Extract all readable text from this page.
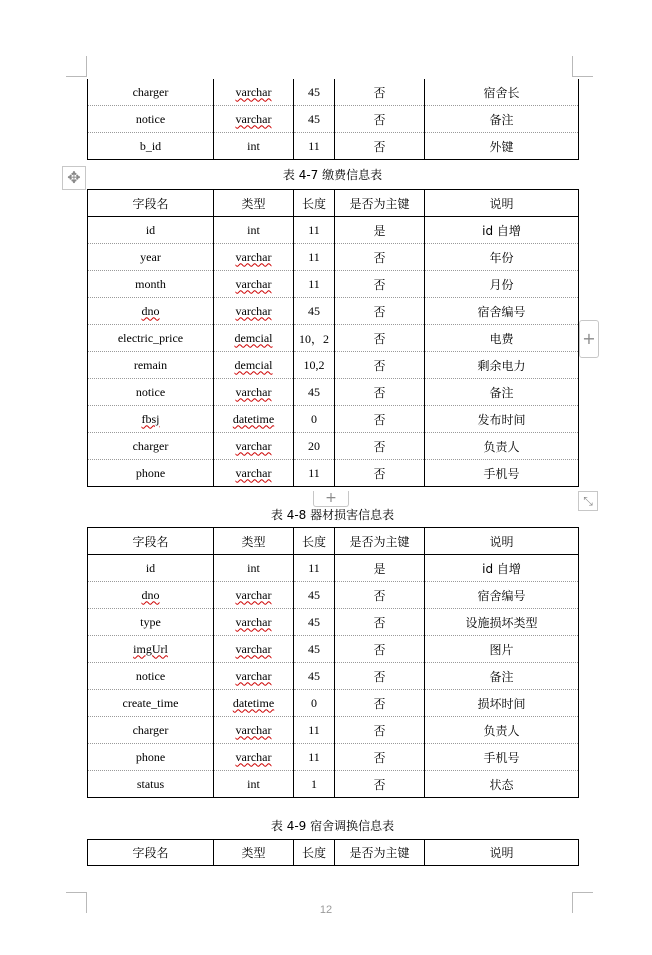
charger	varchar	45	否	宿舍长
notice	varchar	45	否	备注
b_id	int	11	否	外键
✥	表 4-7 缴费信息表
字段名	类型	长度	是否为主键	说明
id	int	11	是	id 自增
year	varchar	11	否	年份
month	varchar	11	否	月份
dno	varchar	45	否	宿舍编号
electric_price	demcial	10，2	否	电费
remain	demcial	10,2	否	剩余电力
notice	varchar	45	否	备注
fbsj	datetime	0	否	发布时间
charger	varchar	20	否	负责人
phone	varchar	11	否	手机号
+
+	⤡
表 4-8 器材损害信息表
字段名	类型	长度	是否为主键	说明
id	int	11	是	id 自增
dno	varchar	45	否	宿舍编号
type	varchar	45	否	设施损坏类型
imgUrl	varchar	45	否	图片
notice	varchar	45	否	备注
create_time	datetime	0	否	损坏时间
charger	varchar	11	否	负责人
phone	varchar	11	否	手机号
status	int	1	否	状态
表 4-9 宿舍调换信息表
字段名	类型	长度	是否为主键	说明
12
